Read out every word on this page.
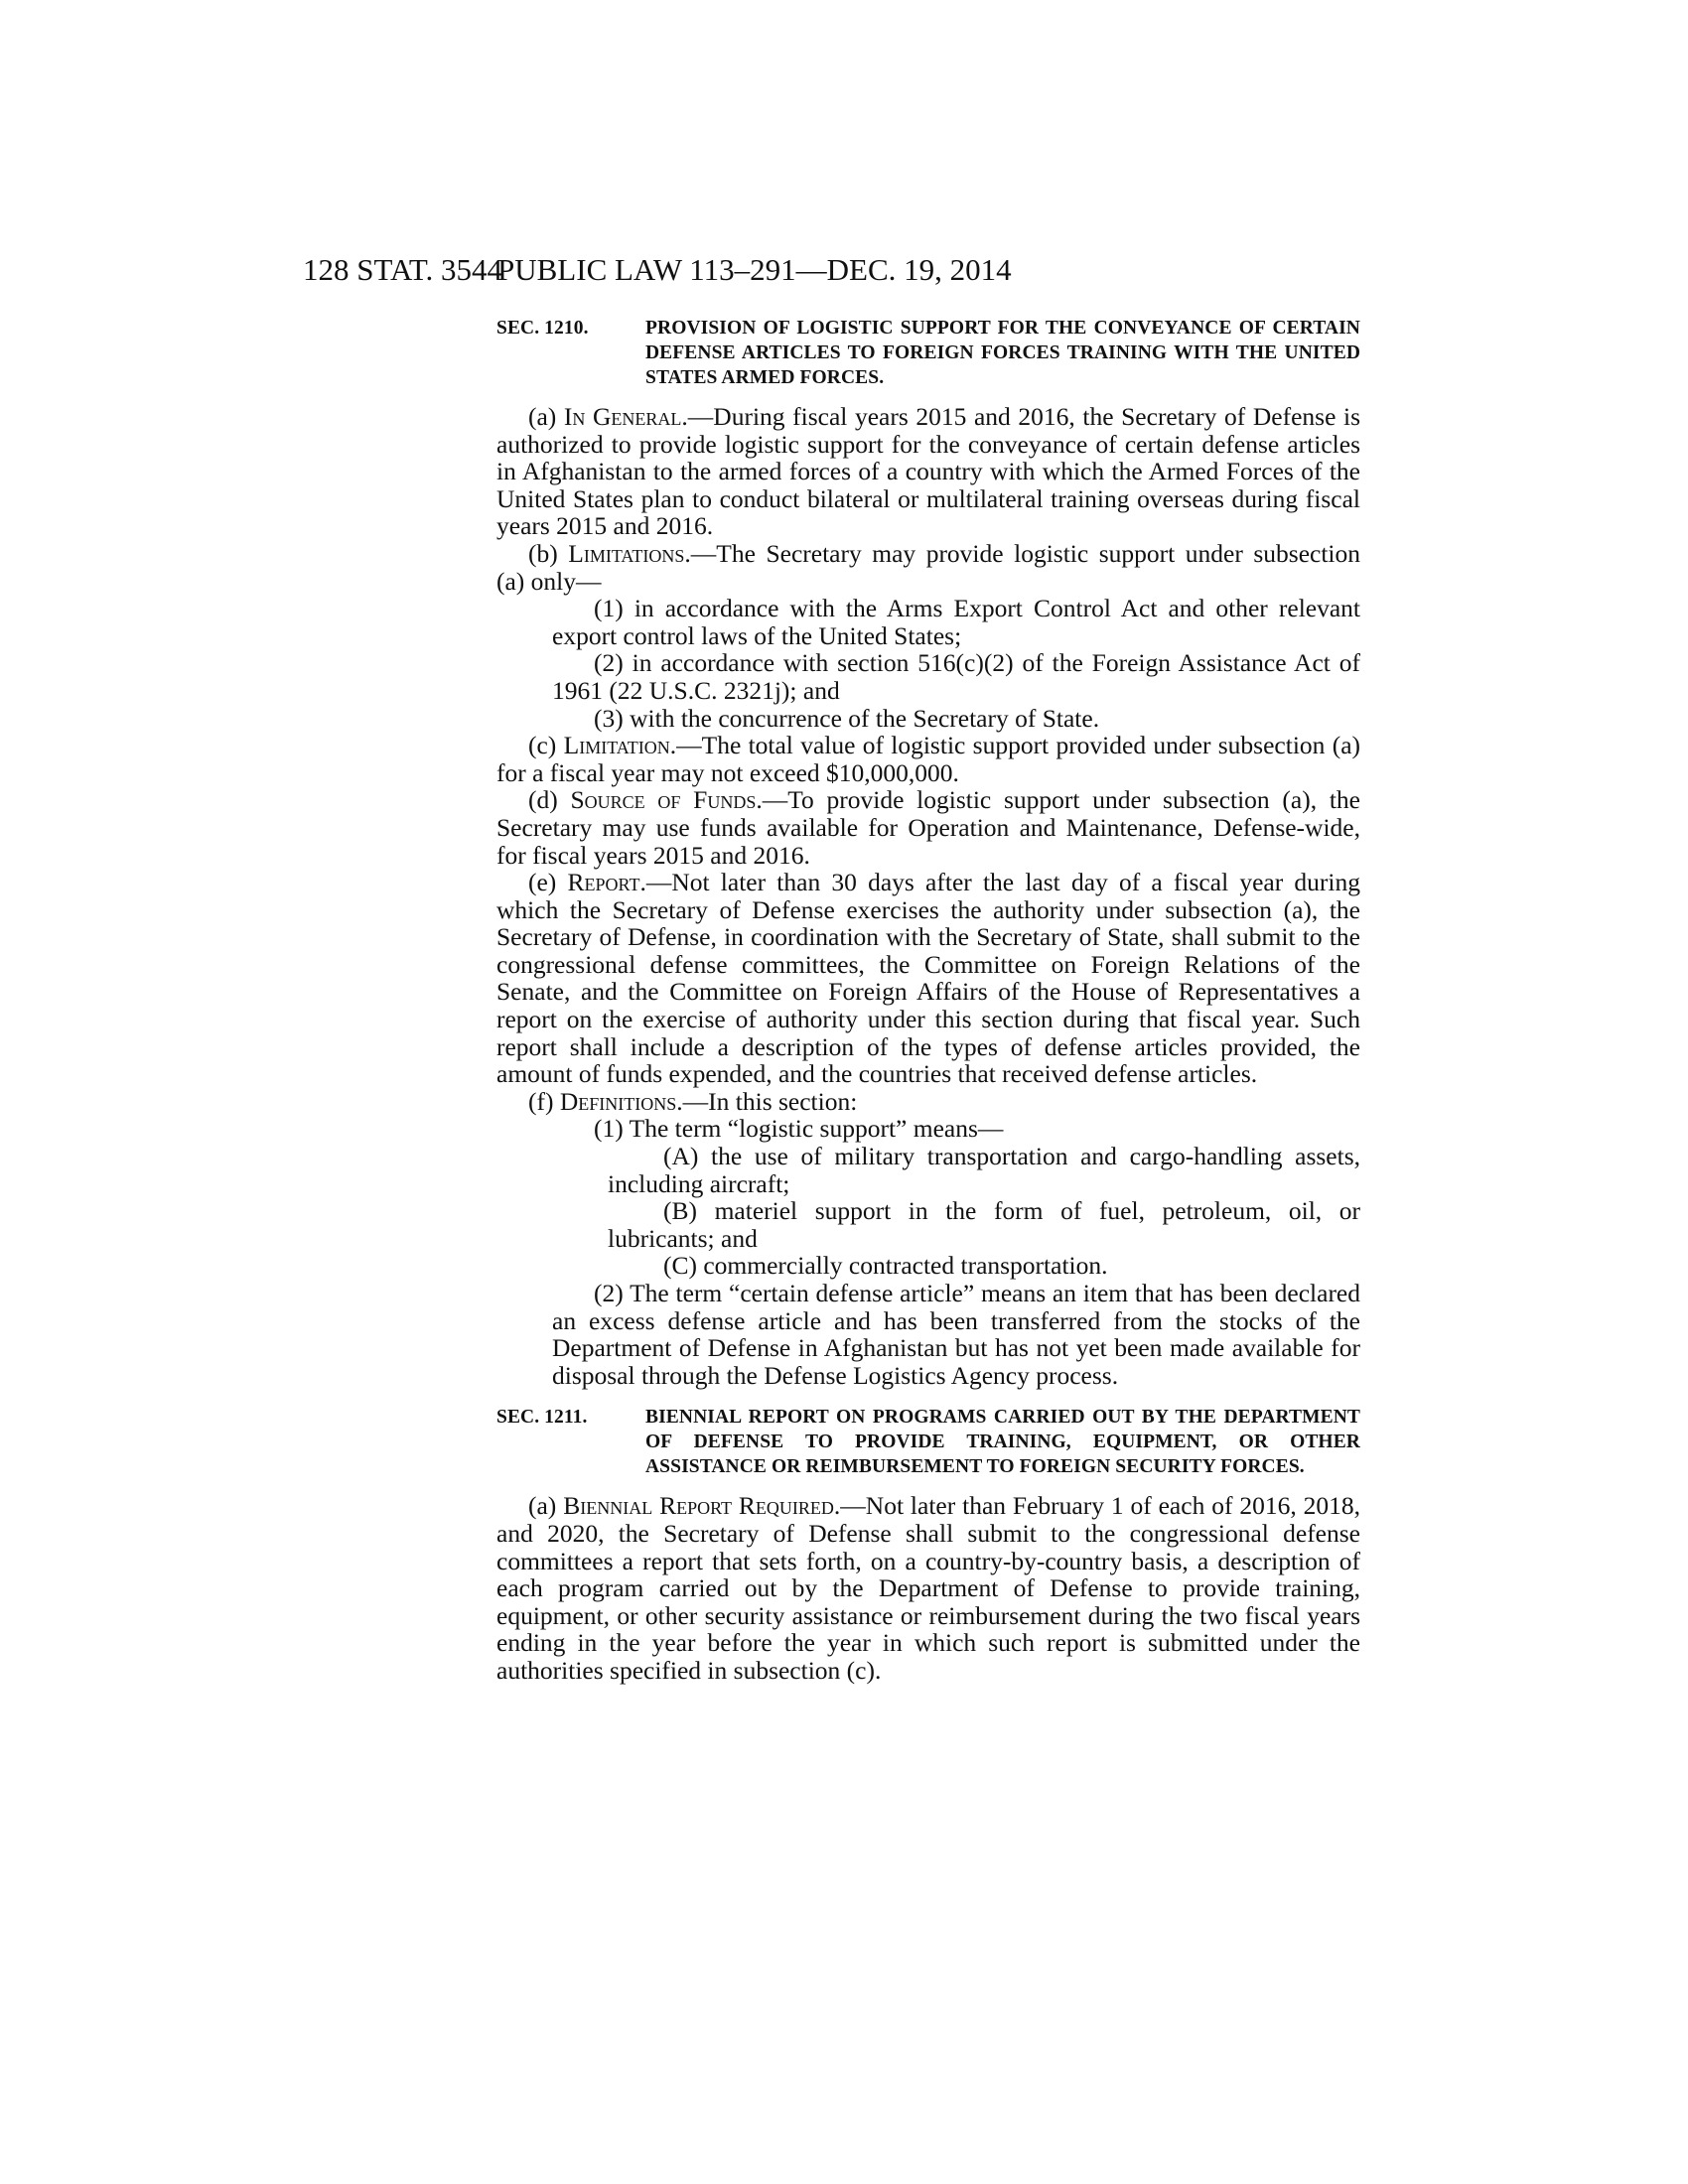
128 STAT. 3544
PUBLIC LAW 113–291—DEC. 19, 2014
SEC. 1210.	PROVISION OF LOGISTIC SUPPORT FOR THE CONVEYANCE OF CERTAIN DEFENSE ARTICLES TO FOREIGN FORCES TRAINING WITH THE UNITED STATES ARMED FORCES.

(a) In General.—During fiscal years 2015 and 2016, the Secretary of Defense is authorized to provide logistic support for the conveyance of certain defense articles in Afghanistan to the armed forces of a country with which the Armed Forces of the United States plan to conduct bilateral or multilateral training overseas during fiscal years 2015 and 2016.

(b) Limitations.—The Secretary may provide logistic support under subsection (a) only—

(1) in accordance with the Arms Export Control Act and other relevant export control laws of the United States;

(2) in accordance with section 516(c)(2) of the Foreign Assistance Act of 1961 (22 U.S.C. 2321j); and

(3) with the concurrence of the Secretary of State.

(c) Limitation.—The total value of logistic support provided under subsection (a) for a fiscal year may not exceed $10,000,000.

(d) Source of Funds.—To provide logistic support under subsection (a), the Secretary may use funds available for Operation and Maintenance, Defense-wide, for fiscal years 2015 and 2016.

(e) Report.—Not later than 30 days after the last day of a fiscal year during which the Secretary of Defense exercises the authority under subsection (a), the Secretary of Defense, in coordination with the Secretary of State, shall submit to the congressional defense committees, the Committee on Foreign Relations of the Senate, and the Committee on Foreign Affairs of the House of Representatives a report on the exercise of authority under this section during that fiscal year. Such report shall include a description of the types of defense articles provided, the amount of funds expended, and the countries that received defense articles.

(f) Definitions.—In this section:

(1) The term “logistic support” means—

(A) the use of military transportation and cargo-handling assets, including aircraft;

(B) materiel support in the form of fuel, petroleum, oil, or lubricants; and

(C) commercially contracted transportation.

(2) The term “certain defense article” means an item that has been declared an excess defense article and has been transferred from the stocks of the Department of Defense in Afghanistan but has not yet been made available for disposal through the Defense Logistics Agency process.

SEC. 1211.	BIENNIAL REPORT ON PROGRAMS CARRIED OUT BY THE DEPARTMENT OF DEFENSE TO PROVIDE TRAINING, EQUIPMENT, OR OTHER ASSISTANCE OR REIMBURSEMENT TO FOREIGN SECURITY FORCES.

(a) Biennial Report Required.—Not later than February 1 of each of 2016, 2018, and 2020, the Secretary of Defense shall submit to the congressional defense committees a report that sets forth, on a country-by-country basis, a description of each program carried out by the Department of Defense to provide training, equipment, or other security assistance or reimbursement during the two fiscal years ending in the year before the year in which such report is submitted under the authorities specified in subsection (c).
